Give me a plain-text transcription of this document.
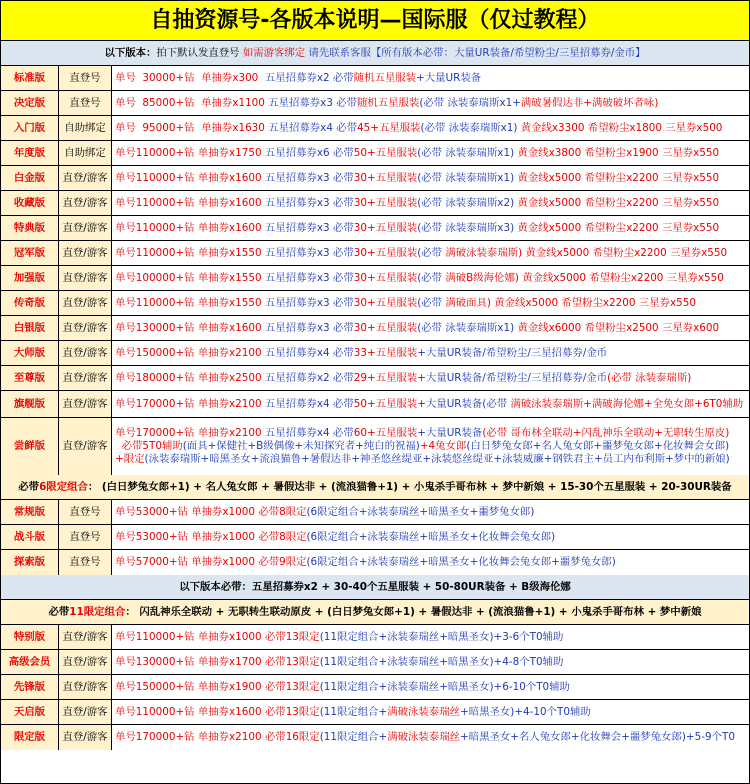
自抽资源号-各版本说明—国际服（仅过教程）
以下版本： 拍下默认发直登号 如需游客绑定 请先联系客服【所有版本必带：大量UR装备/希望粉尘/三星招募券/金币】
标准版	直登号	单号  30000+钻  单抽券x300 五星招募券x2 必带 随机五星服装 +大量UR装备
决定版	直登号	单号  85000+钻  单抽券x1100 五星招募券x3 必带 随机五星服装 (必带 泳装泰瑞斯x1+ 满破暑假达非+满破破坏者咏)
入门版	自助绑定 单号  95000+钻  单抽券x1630 五星招募券x4 必带 45+五星服装 (必带 泳装泰瑞斯x1) 黄金线x3300 希望粉尘x1800 三星券x500
年度版	自助绑定 单号110000+钻 单抽券x1750 五星招募券x6 必带 50+五星服装 (必带 泳装泰瑞斯x1) 黄金线x3800 希望粉尘x1900 三星券x550
白金版	直登/游客 单号110000+钻 单抽券x1600 五星招募券x3 必带 30+五星服装 (必带 泳装泰瑞斯x1) 黄金线x5000 希望粉尘x2200 三星券x550
收藏版	直登/游客 单号110000+钻 单抽券x1600 五星招募券x3 必带 30+五星服装 (必带 泳装泰瑞斯x2) 黄金线x5000 希望粉尘x2200 三星券x550
特典版	直登/游客 单号110000+钻 单抽券x1600 五星招募券x3 必带 30+五星服装 (必带 泳装泰瑞斯x3) 黄金线x5000 希望粉尘x2200 三星券x550
冠军版	直登/游客 单号110000+钻 单抽券x1550 五星招募券x3 必带 30+五星服装 (必带 满破泳装泰瑞斯) 黄金线x5000 希望粉尘x2200 三星券x550
加强版	直登/游客 单号100000+钻 单抽券x1550 五星招募券x3 必带 30+五星服装 (必带 满破B级海伦娜) 黄金线x5000 希望粉尘x2200 三星券x550
传奇版	直登/游客 单号110000+钻 单抽券x1550 五星招募券x3 必带 30+五星服装 (必带 满破面具) 黄金线x5000 希望粉尘x2200 三星券x550
白银版	直登/游客 单号130000+钻 单抽券x1600 五星招募券x3 必带 30+五星服装 (必带 泳装泰瑞斯x1) 黄金线x6000 希望粉尘x2500 三星券x600
大师版	直登/游客 单号150000+钻 单抽券x2100 五星招募券x4 必带 33+五星服装 +大量UR装备/希望粉尘/三星招募券/金币
至尊版	直登/游客 单号180000+钻 单抽券x2500 五星招募券x2 必带 29+五星服装 +大量UR装备/希望粉尘/三星招募券/金币 (必带 泳装泰瑞斯)
旗舰版	直登/游客 单号170000+钻 单抽券x2100 五星招募券x4 必带 50+五星服装 +大量UR装备(必带 满破泳装泰瑞斯+满破海伦娜+全免女郎+6T0辅助
尝鲜版	直登/游客
单号170000+钻 单抽券x2100 五星招募券x4 必带60+五星服装+大量UR装备(必带 哥布林全联动+闪乱神乐全联动+无职转生原皮)
必带5T0辅助(面具+保健社+B级偶像+未知探究者+纯白的祝福)+4兔女郎(白日梦兔女郎+名人兔女郎+噩梦兔女郎+化妆舞会女郎)
+限定(泳装泰瑞斯+暗黑圣女+流浪猫鲁+暑假达非+神圣悠丝缇亚+泳装悠丝缇亚+泳装威廉+钢铁君主+员工内布利斯+梦中的新娘)
必带 6限定组合 ： (白日梦兔女郎+1) + 名人兔女郎 + 暑假达非 + (流浪猫鲁+1) + 小鬼杀手哥布林 + 梦中新娘 + 15-30个五星服装 + 20-30UR装备
常规版	直登号	单号53000+钻 单抽券x1000 必带8限定 (6限定组合+泳装泰瑞丝+暗黑圣女+噩梦兔女郎)
战斗版	直登号	单号53000+钻 单抽券x1000 必带8限定 (6限定组合+泳装泰瑞丝+暗黑圣女+化妆舞会兔女郎)
探索版	直登号	单号57000+钻 单抽券x1000 必带9限定 (6限定组合+泳装泰瑞丝+暗黑圣女+化妆舞会兔女郎+噩梦兔女郎)
以下版本必带：五星招募券x2 + 30-40个五星服装 + 50-80UR装备 + B级海伦娜
必带 11限定组合 ： 闪乱神乐全联动 + 无职转生联动原皮 + (白日梦兔女郎+1) + 暑假达非 + (流浪猫鲁+1) + 小鬼杀手哥布林 + 梦中新娘
特别版	直登/游客 单号110000+钻 单抽券x1000 必带13限定 (11限定组合+泳装泰瑞丝+暗黑圣女) +3-6个T0辅助
高级会员	直登/游客 单号130000+钻 单抽券x1700 必带13限定 (11限定组合+泳装泰瑞丝+暗黑圣女) +4-8个T0辅助
先锋版	直登/游客 单号150000+钻 单抽券x1900 必带13限定 (11限定组合+泳装泰瑞丝+暗黑圣女) +6-10个T0辅助
天启版	直登/游客 单号110000+钻 单抽券x1600 必带13限定 (11限定组合+ 满破泳装泰瑞丝 +暗黑圣女) +4-10个T0辅助
限定版	直登/游客 单号170000+钻 单抽券x2100 必带16限定 (11限定组合+ 满破泳装泰瑞丝 +暗黑圣女+名人兔女郎+化妆舞会+噩梦兔女郎) +5-9个T0
